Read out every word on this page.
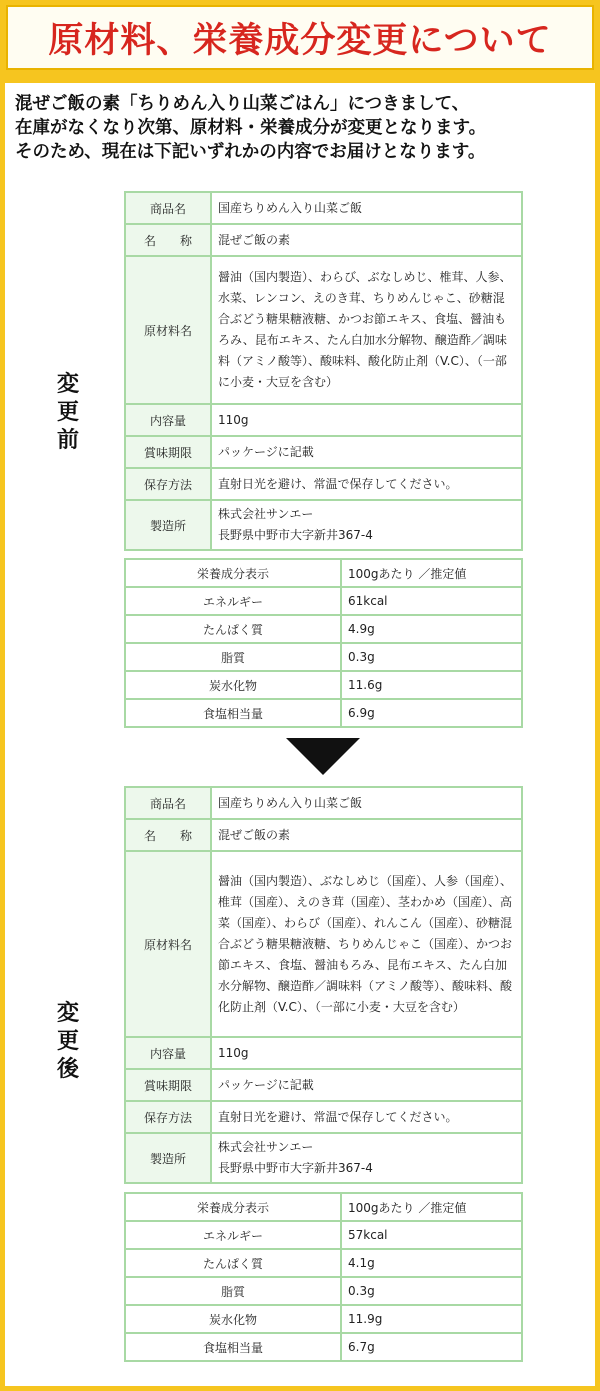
原材料、栄養成分変更について
混ぜご飯の素「ちりめん入り山菜ごはん」につきまして、
在庫がなくなり次第、原材料・栄養成分が変更となります。
そのため、現在は下記いずれかの内容でお届けとなります。
変
更
前
商品名	国産ちりめん入り山菜ご飯
名　　称	混ぜご飯の素
原材料名	醤油（国内製造）、わらび、ぶなしめじ、椎茸、人参、水菜、レンコン、えのき茸、ちりめんじゃこ、砂糖混合ぶどう糖果糖液糖、かつお節エキス、食塩、醤油もろみ、昆布エキス、たん白加水分解物、醸造酢／調味料（アミノ酸等）、酸味料、酸化防止剤（V.C）、（一部に小麦・大豆を含む）
内容量	110g
賞味期限	パッケージに記載
保存方法	直射日光を避け、常温で保存してください。
製造所	株式会社サンエー
長野県中野市大字新井367-4
栄養成分表示	100gあたり ／推定値
エネルギー	61kcal
たんぱく質	4.9g
脂質	0.3g
炭水化物	11.6g
食塩相当量	6.9g
変
更
後
商品名	国産ちりめん入り山菜ご飯
名　　称	混ぜご飯の素
原材料名	醤油（国内製造）、ぶなしめじ（国産）、人参（国産）、椎茸（国産）、えのき茸（国産）、茎わかめ（国産）、高菜（国産）、わらび（国産）、れんこん（国産）、砂糖混合ぶどう糖果糖液糖、ちりめんじゃこ（国産）、かつお節エキス、食塩、醤油もろみ、昆布エキス、たん白加水分解物、醸造酢／調味料（アミノ酸等）、酸味料、酸化防止剤（V.C）、（一部に小麦・大豆を含む）
内容量	110g
賞味期限	パッケージに記載
保存方法	直射日光を避け、常温で保存してください。
製造所	株式会社サンエー
長野県中野市大字新井367-4
栄養成分表示	100gあたり ／推定値
エネルギー	57kcal
たんぱく質	4.1g
脂質	0.3g
炭水化物	11.9g
食塩相当量	6.7g
